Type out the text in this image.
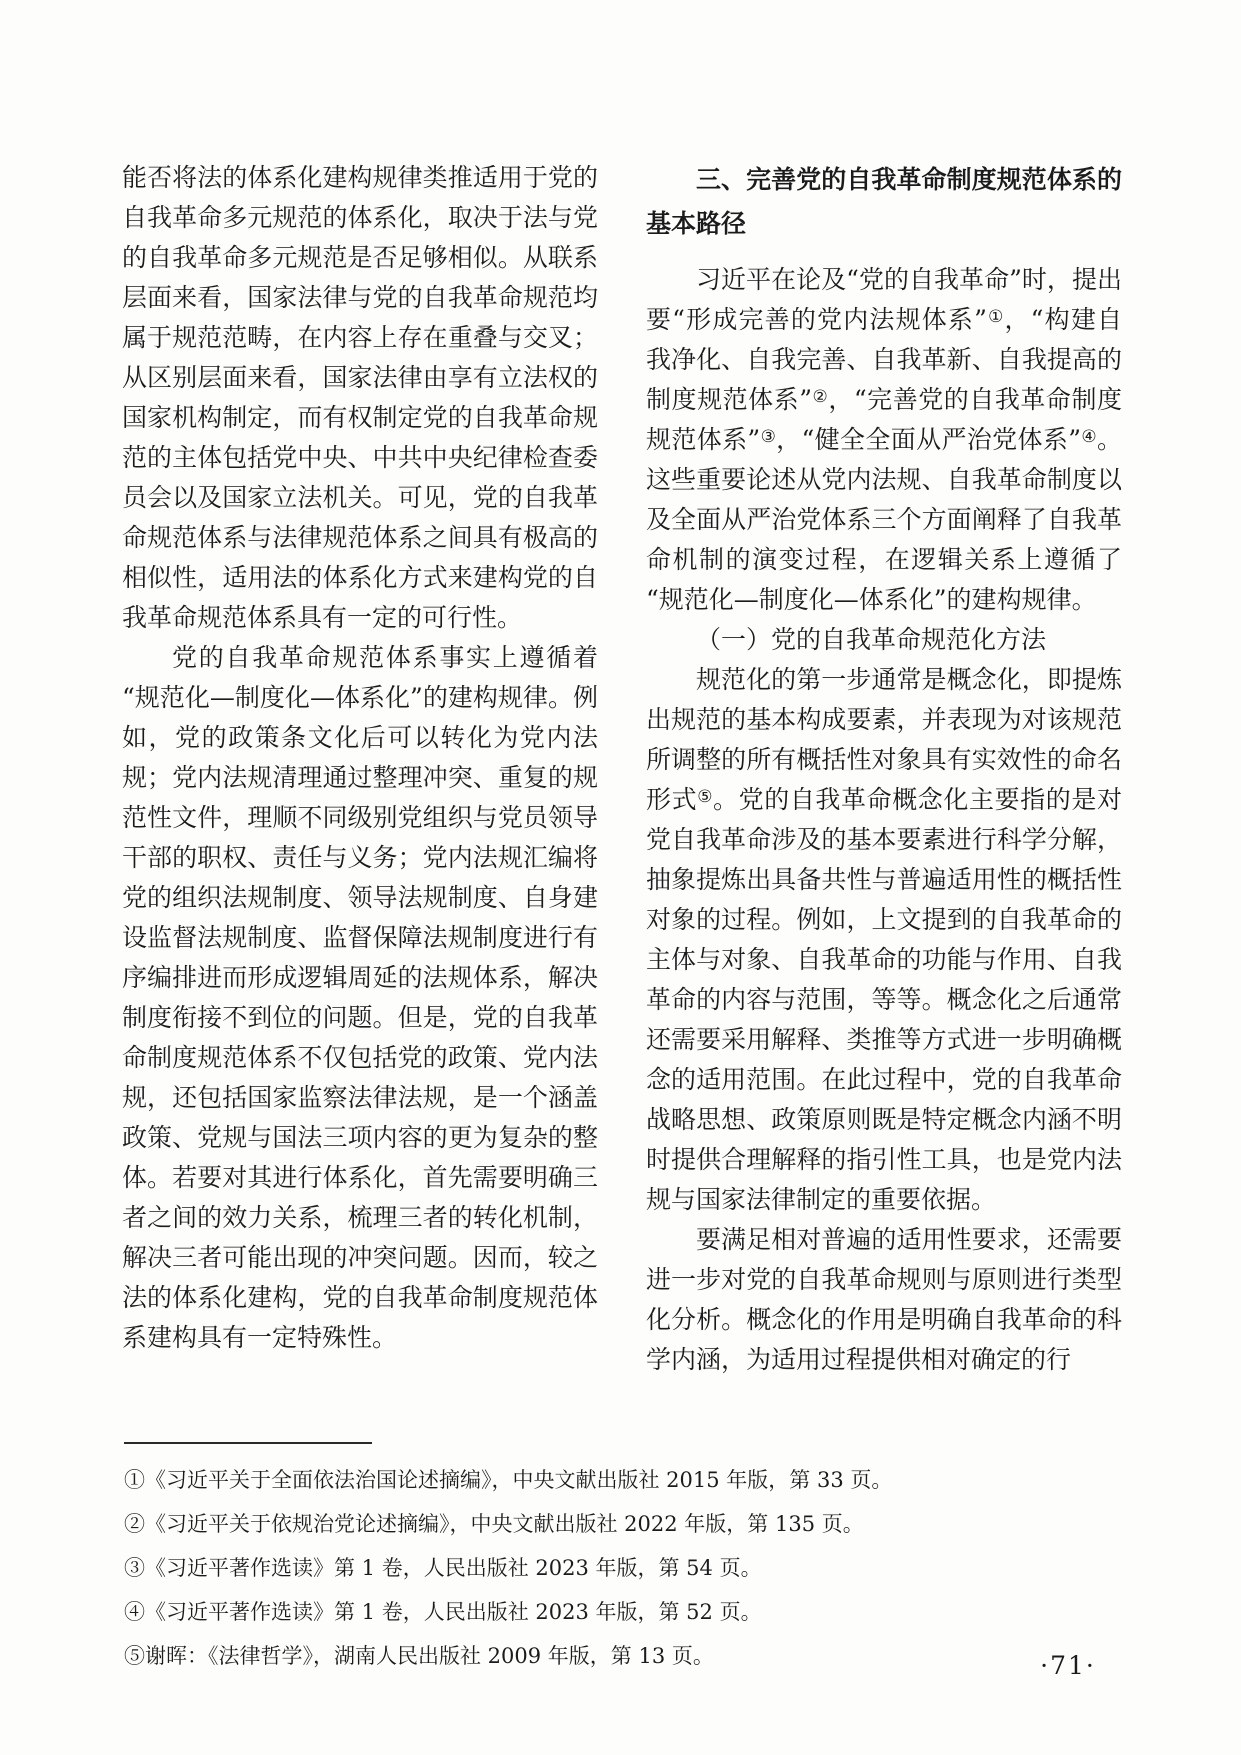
能否将法的体系化建构规律类推适用于党的自我革命多元规范的体系化，取决于法与党的自我革命多元规范是否足够相似。从联系层面来看，国家法律与党的自我革命规范均属于规范范畴，在内容上存在重叠与交叉；从区别层面来看，国家法律由享有立法权的国家机构制定，而有权制定党的自我革命规范的主体包括党中央、中共中央纪律检查委员会以及国家立法机关。可见，党的自我革命规范体系与法律规范体系之间具有极高的相似性，适用法的体系化方式来建构党的自我革命规范体系具有一定的可行性。

党的自我革命规范体系事实上遵循着“规范化—制度化—体系化”的建构规律。例如，党的政策条文化后可以转化为党内法规；党内法规清理通过整理冲突、重复的规范性文件，理顺不同级别党组织与党员领导干部的职权、责任与义务；党内法规汇编将党的组织法规制度、领导法规制度、自身建设监督法规制度、监督保障法规制度进行有序编排进而形成逻辑周延的法规体系，解决制度衔接不到位的问题。但是，党的自我革命制度规范体系不仅包括党的政策、党内法规，还包括国家监察法律法规，是一个涵盖政策、党规与国法三项内容的更为复杂的整体。若要对其进行体系化，首先需要明确三者之间的效力关系，梳理三者的转化机制，解决三者可能出现的冲突问题。因而，较之法的体系化建构，党的自我革命制度规范体系建构具有一定特殊性。

三、完善党的自我革命制度规范体系的基本路径

习近平在论及“党的自我革命”时，提出要“形成完善的党内法规体系”①，“构建自我净化、自我完善、自我革新、自我提高的制度规范体系”②，“完善党的自我革命制度规范体系”③，“健全全面从严治党体系”④。这些重要论述从党内法规、自我革命制度以及全面从严治党体系三个方面阐释了自我革命机制的演变过程，在逻辑关系上遵循了“规范化—制度化—体系化”的建构规律。

（一）党的自我革命规范化方法

规范化的第一步通常是概念化，即提炼出规范的基本构成要素，并表现为对该规范所调整的所有概括性对象具有实效性的命名形式⑤。党的自我革命概念化主要指的是对党自我革命涉及的基本要素进行科学分解，抽象提炼出具备共性与普遍适用性的概括性对象的过程。例如，上文提到的自我革命的主体与对象、自我革命的功能与作用、自我革命的内容与范围，等等。概念化之后通常还需要采用解释、类推等方式进一步明确概念的适用范围。在此过程中，党的自我革命战略思想、政策原则既是特定概念内涵不明时提供合理解释的指引性工具，也是党内法规与国家法律制定的重要依据。

要满足相对普遍的适用性要求，还需要进一步对党的自我革命规则与原则进行类型化分析。概念化的作用是明确自我革命的科学内涵，为适用过程提供相对确定的行

①《习近平关于全面依法治国论述摘编》，中央文献出版社 2015 年版，第 33 页。
②《习近平关于依规治党论述摘编》，中央文献出版社 2022 年版，第 135 页。
③《习近平著作选读》第 1 卷，人民出版社 2023 年版，第 54 页。
④《习近平著作选读》第 1 卷，人民出版社 2023 年版，第 52 页。
⑤谢晖：《法律哲学》，湖南人民出版社 2009 年版，第 13 页。	·71·
